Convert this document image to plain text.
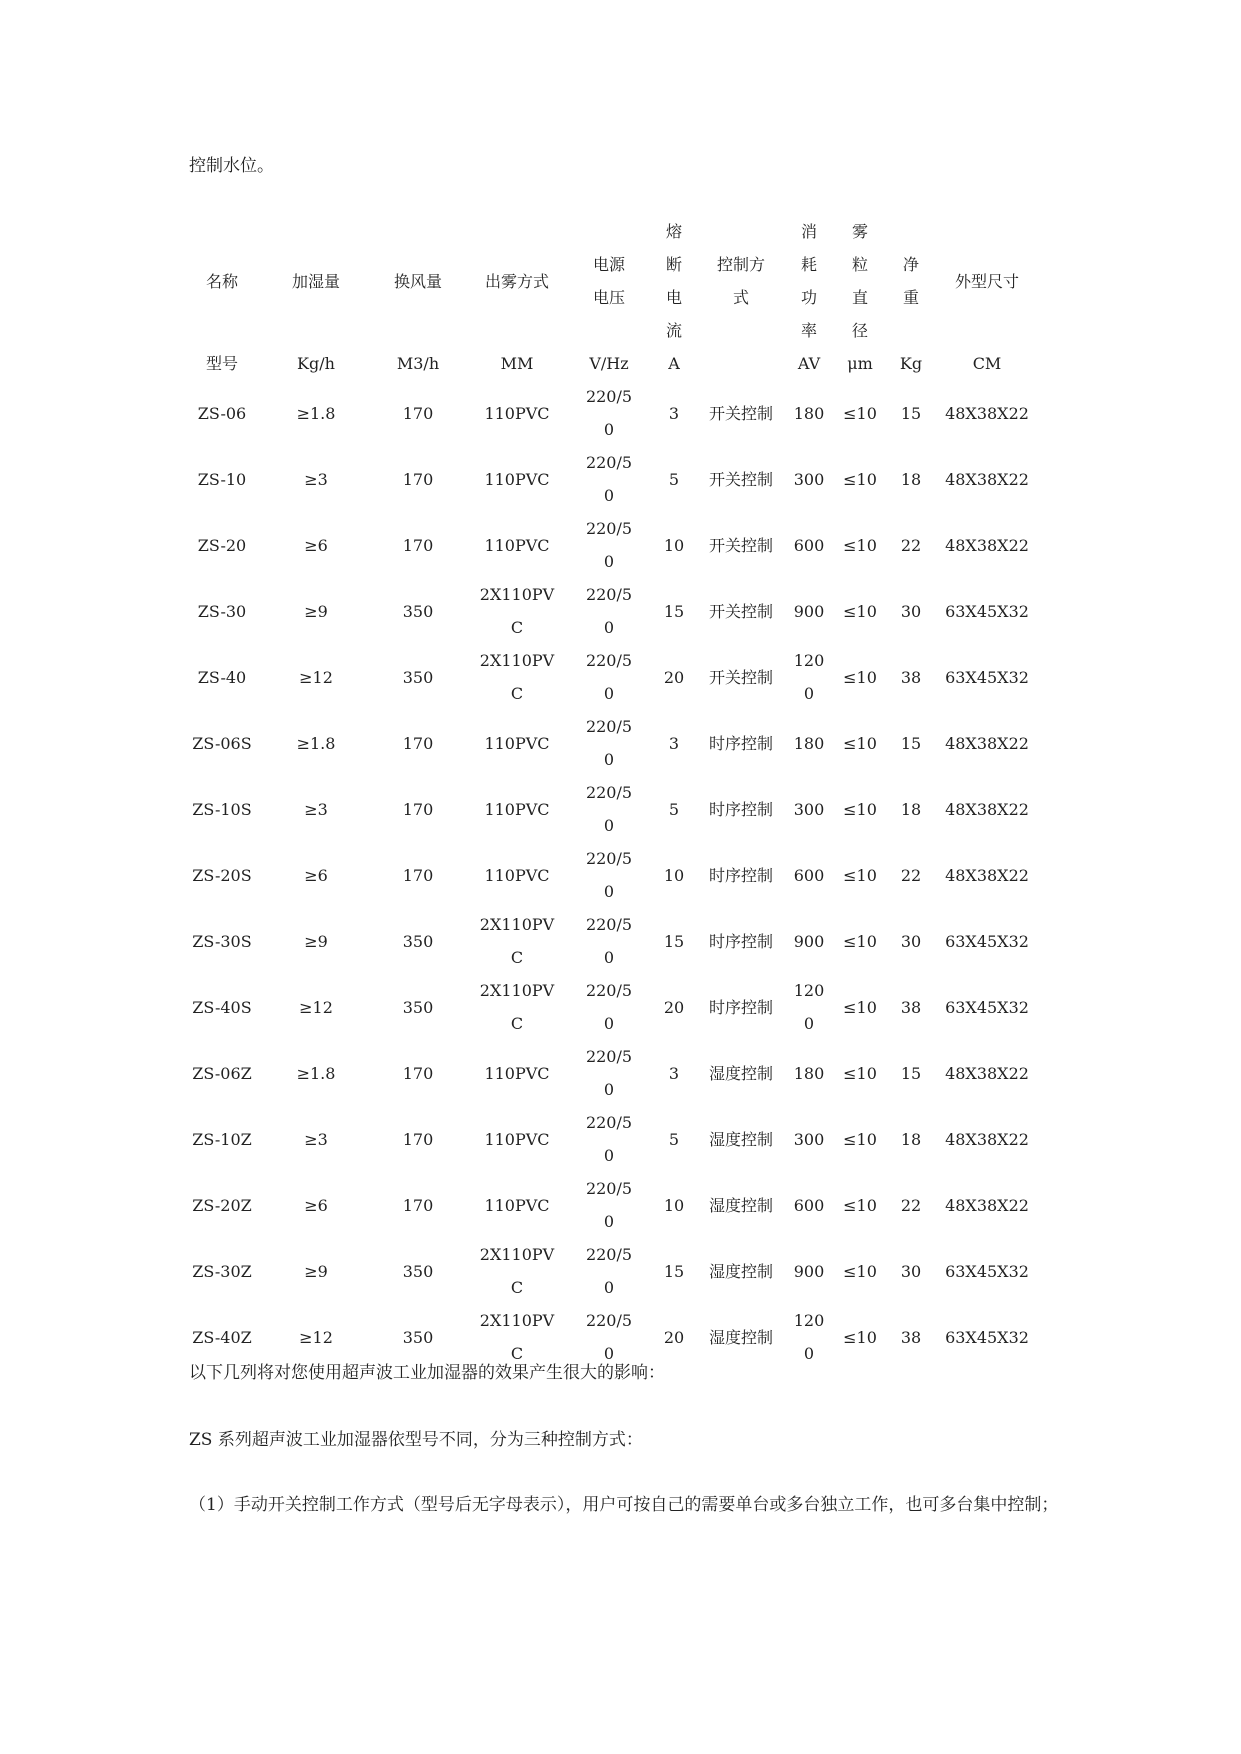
控制水位。

名称	加湿量	换风量	出雾方式	电源电压	熔断电流	控制方式	消耗功率	雾粒直径	净重	外型尺寸

型号	Kg/h	M3/h	MM	V/Hz	A		AV	μm	Kg	CM

ZS-06	≥1.8	170	110PVC	220/50	3	开关控制	180	≤10	15	48X38X22

ZS-10	≥3	170	110PVC	220/50	5	开关控制	300	≤10	18	48X38X22

ZS-20	≥6	170	110PVC	220/50	10	开关控制	600	≤10	22	48X38X22

ZS-30	≥9	350	2X110PVC	220/50	15	开关控制	900	≤10	30	63X45X32

ZS-40	≥12	350	2X110PVC	220/50	20	开关控制	1200	≤10	38	63X45X32

ZS-06S	≥1.8	170	110PVC	220/50	3	时序控制	180	≤10	15	48X38X22

ZS-10S	≥3	170	110PVC	220/50	5	时序控制	300	≤10	18	48X38X22

ZS-20S	≥6	170	110PVC	220/50	10	时序控制	600	≤10	22	48X38X22

ZS-30S	≥9	350	2X110PVC	220/50	15	时序控制	900	≤10	30	63X45X32

ZS-40S	≥12	350	2X110PVC	220/50	20	时序控制	1200	≤10	38	63X45X32

ZS-06Z	≥1.8	170	110PVC	220/50	3	湿度控制	180	≤10	15	48X38X22

ZS-10Z	≥3	170	110PVC	220/50	5	湿度控制	300	≤10	18	48X38X22

ZS-20Z	≥6	170	110PVC	220/50	10	湿度控制	600	≤10	22	48X38X22

ZS-30Z	≥9	350	2X110PVC	220/50	15	湿度控制	900	≤10	30	63X45X32

ZS-40Z	≥12	350	2X110PVC	220/50	20	湿度控制	1200	≤10	38	63X45X32

以下几列将对您使用超声波工业加湿器的效果产生很大的影响：

ZS 系列超声波工业加湿器依型号不同，分为三种控制方式：

（1）手动开关控制工作方式（型号后无字母表示），用户可按自己的需要单台或多台独立工作，也可多台集中控制；
